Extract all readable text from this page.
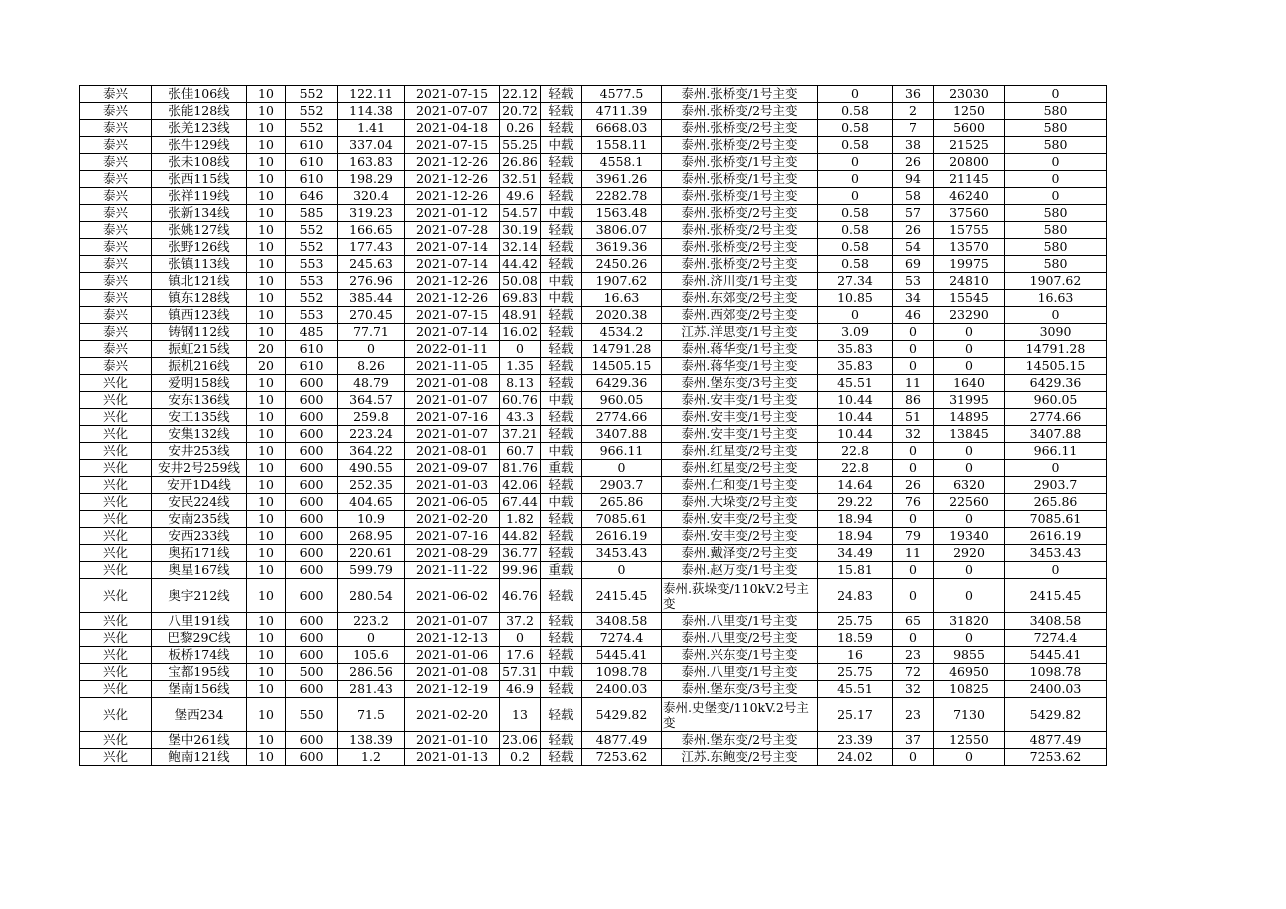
泰兴	张佳106线	10	552	122.11	2021-07-15	22.12	轻载	4577.5	泰州.张桥变/1号主变	0	36	23030	0
泰兴	张能128线	10	552	114.38	2021-07-07	20.72	轻载	4711.39	泰州.张桥变/2号主变	0.58	2	1250	580
泰兴	张羌123线	10	552	1.41	2021-04-18	0.26	轻载	6668.03	泰州.张桥变/2号主变	0.58	7	5600	580
泰兴	张牛129线	10	610	337.04	2021-07-15	55.25	中载	1558.11	泰州.张桥变/2号主变	0.58	38	21525	580
泰兴	张未108线	10	610	163.83	2021-12-26	26.86	轻载	4558.1	泰州.张桥变/1号主变	0	26	20800	0
泰兴	张西115线	10	610	198.29	2021-12-26	32.51	轻载	3961.26	泰州.张桥变/1号主变	0	94	21145	0
泰兴	张祥119线	10	646	320.4	2021-12-26	49.6	轻载	2282.78	泰州.张桥变/1号主变	0	58	46240	0
泰兴	张新134线	10	585	319.23	2021-01-12	54.57	中载	1563.48	泰州.张桥变/2号主变	0.58	57	37560	580
泰兴	张姚127线	10	552	166.65	2021-07-28	30.19	轻载	3806.07	泰州.张桥变/2号主变	0.58	26	15755	580
泰兴	张野126线	10	552	177.43	2021-07-14	32.14	轻载	3619.36	泰州.张桥变/2号主变	0.58	54	13570	580
泰兴	张镇113线	10	553	245.63	2021-07-14	44.42	轻载	2450.26	泰州.张桥变/2号主变	0.58	69	19975	580
泰兴	镇北121线	10	553	276.96	2021-12-26	50.08	中载	1907.62	泰州.济川变/1号主变	27.34	53	24810	1907.62
泰兴	镇东128线	10	552	385.44	2021-12-26	69.83	中载	16.63	泰州.东郊变/2号主变	10.85	34	15545	16.63
泰兴	镇西123线	10	553	270.45	2021-07-15	48.91	轻载	2020.38	泰州.西郊变/2号主变	0	46	23290	0
泰兴	铸钢112线	10	485	77.71	2021-07-14	16.02	轻载	4534.2	江苏.洋思变/1号主变	3.09	0	0	3090
泰兴	振虹215线	20	610	0	2022-01-11	0	轻载	14791.28	泰州.蒋华变/1号主变	35.83	0	0	14791.28
泰兴	振机216线	20	610	8.26	2021-11-05	1.35	轻载	14505.15	泰州.蒋华变/1号主变	35.83	0	0	14505.15
兴化	爱明158线	10	600	48.79	2021-01-08	8.13	轻载	6429.36	泰州.堡东变/3号主变	45.51	11	1640	6429.36
兴化	安东136线	10	600	364.57	2021-01-07	60.76	中载	960.05	泰州.安丰变/1号主变	10.44	86	31995	960.05
兴化	安工135线	10	600	259.8	2021-07-16	43.3	轻载	2774.66	泰州.安丰变/1号主变	10.44	51	14895	2774.66
兴化	安集132线	10	600	223.24	2021-01-07	37.21	轻载	3407.88	泰州.安丰变/1号主变	10.44	32	13845	3407.88
兴化	安井253线	10	600	364.22	2021-08-01	60.7	中载	966.11	泰州.红星变/2号主变	22.8	0	0	966.11
兴化	安井2号259线	10	600	490.55	2021-09-07	81.76	重载	0	泰州.红星变/2号主变	22.8	0	0	0
兴化	安开1D4线	10	600	252.35	2021-01-03	42.06	轻载	2903.7	泰州.仁和变/1号主变	14.64	26	6320	2903.7
兴化	安民224线	10	600	404.65	2021-06-05	67.44	中载	265.86	泰州.大垛变/2号主变	29.22	76	22560	265.86
兴化	安南235线	10	600	10.9	2021-02-20	1.82	轻载	7085.61	泰州.安丰变/2号主变	18.94	0	0	7085.61
兴化	安西233线	10	600	268.95	2021-07-16	44.82	轻载	2616.19	泰州.安丰变/2号主变	18.94	79	19340	2616.19
兴化	奥拓171线	10	600	220.61	2021-08-29	36.77	轻载	3453.43	泰州.戴泽变/2号主变	34.49	11	2920	3453.43
兴化	奥星167线	10	600	599.79	2021-11-22	99.96	重载	0	泰州.赵万变/1号主变	15.81	0	0	0
兴化	奥宇212线	10	600	280.54	2021-06-02	46.76	轻载	2415.45	泰州.荻垛变/110kV.2号主变	24.83	0	0	2415.45
兴化	八里191线	10	600	223.2	2021-01-07	37.2	轻载	3408.58	泰州.八里变/1号主变	25.75	65	31820	3408.58
兴化	巴黎29C线	10	600	0	2021-12-13	0	轻载	7274.4	泰州.八里变/2号主变	18.59	0	0	7274.4
兴化	板桥174线	10	600	105.6	2021-01-06	17.6	轻载	5445.41	泰州.兴东变/1号主变	16	23	9855	5445.41
兴化	宝都195线	10	500	286.56	2021-01-08	57.31	中载	1098.78	泰州.八里变/1号主变	25.75	72	46950	1098.78
兴化	堡南156线	10	600	281.43	2021-12-19	46.9	轻载	2400.03	泰州.堡东变/3号主变	45.51	32	10825	2400.03
兴化	堡西234	10	550	71.5	2021-02-20	13	轻载	5429.82	泰州.史堡变/110kV.2号主变	25.17	23	7130	5429.82
兴化	堡中261线	10	600	138.39	2021-01-10	23.06	轻载	4877.49	泰州.堡东变/2号主变	23.39	37	12550	4877.49
兴化	鲍南121线	10	600	1.2	2021-01-13	0.2	轻载	7253.62	江苏.东鲍变/2号主变	24.02	0	0	7253.62
